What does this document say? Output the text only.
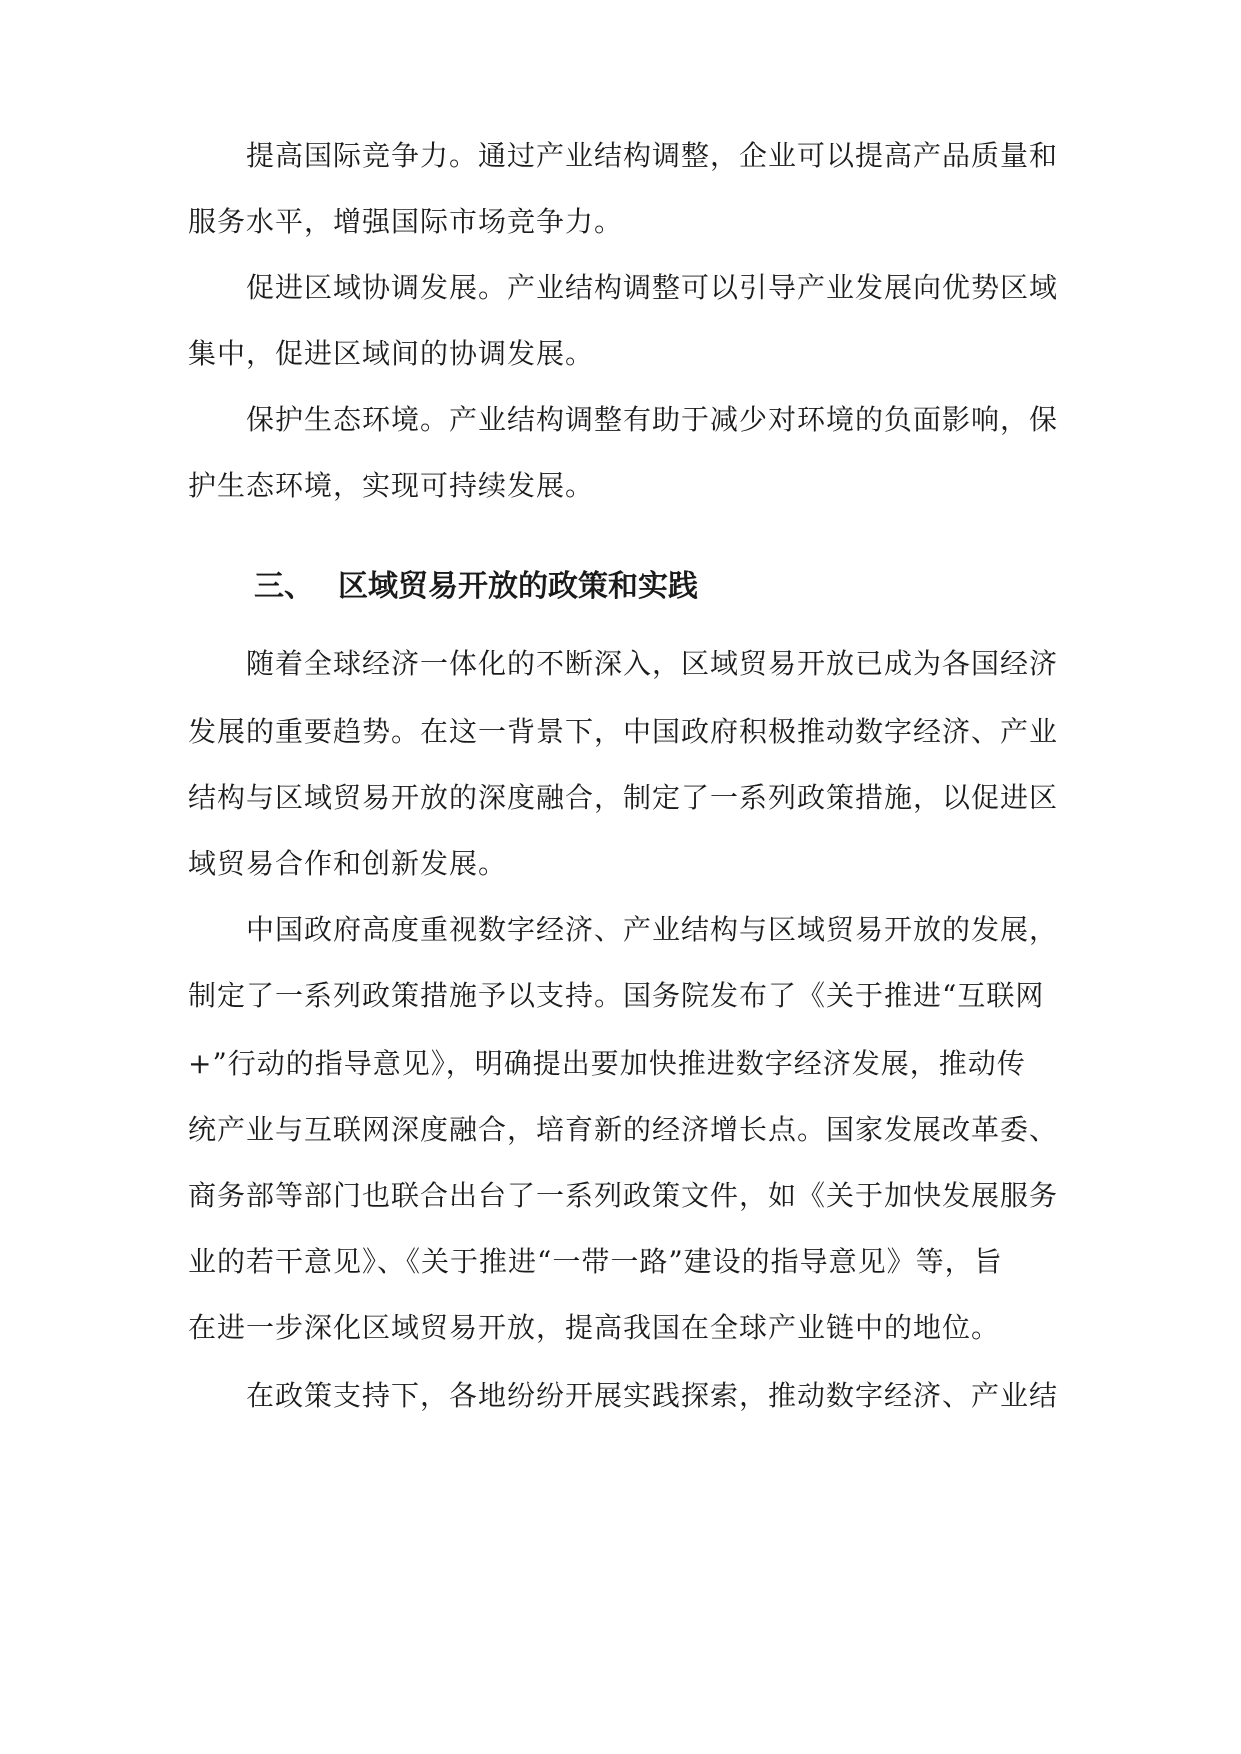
提高国际竞争力。通过产业结构调整，企业可以提高产品质量和
服务水平，增强国际市场竞争力。
促进区域协调发展。产业结构调整可以引导产业发展向优势区域
集中，促进区域间的协调发展。
保护生态环境。产业结构调整有助于减少对环境的负面影响，保
护生态环境，实现可持续发展。
三、 区域贸易开放的政策和实践
随着全球经济一体化的不断深入，区域贸易开放已成为各国经济
发展的重要趋势。在这一背景下，中国政府积极推动数字经济、产业
结构与区域贸易开放的深度融合，制定了一系列政策措施，以促进区
域贸易合作和创新发展。
中国政府高度重视数字经济、产业结构与区域贸易开放的发展，
制定了一系列政策措施予以支持。国务院发布了《关于推进“互联网
+”行动的指导意见》，明确提出要加快推进数字经济发展，推动传
统产业与互联网深度融合，培育新的经济增长点。国家发展改革委、
商务部等部门也联合出台了一系列政策文件，如《关于加快发展服务
业的若干意见》、《关于推进“一带一路”建设的指导意见》等，旨
在进一步深化区域贸易开放，提高我国在全球产业链中的地位。
在政策支持下，各地纷纷开展实践探索，推动数字经济、产业结
